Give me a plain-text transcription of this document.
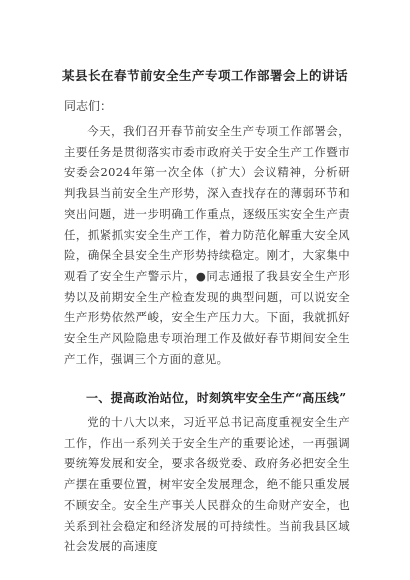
某县长在春节前安全生产专项工作部署会上的讲话
同志们：
今天，我们召开春节前安全生产专项工作部署会，主要任务是贯彻落实市委市政府关于安全生产工作暨市安委会2024年第一次全体（扩大）会议精神，分析研判我县当前安全生产形势，深入查找存在的薄弱环节和突出问题，进一步明确工作重点，逐级压实安全生产责任，抓紧抓实安全生产工作，着力防范化解重大安全风险，确保全县安全生产形势持续稳定。刚才，大家集中观看了安全生产警示片，●同志通报了我县安全生产形势以及前期安全生产检查发现的典型问题，可以说安全生产形势依然严峻，安全生产压力大。下面，我就抓好安全生产风险隐患专项治理工作及做好春节期间安全生产工作，强调三个方面的意见。
一、提高政治站位，时刻筑牢安全生产“高压线”
党的十八大以来，习近平总书记高度重视安全生产工作，作出一系列关于安全生产的重要论述，一再强调要统筹发展和安全，要求各级党委、政府务必把安全生产摆在重要位置，树牢安全发展理念，绝不能只重发展不顾安全。安全生产事关人民群众的生命财产安全，也关系到社会稳定和经济发展的可持续性。当前我县区域社会发展的高速度
